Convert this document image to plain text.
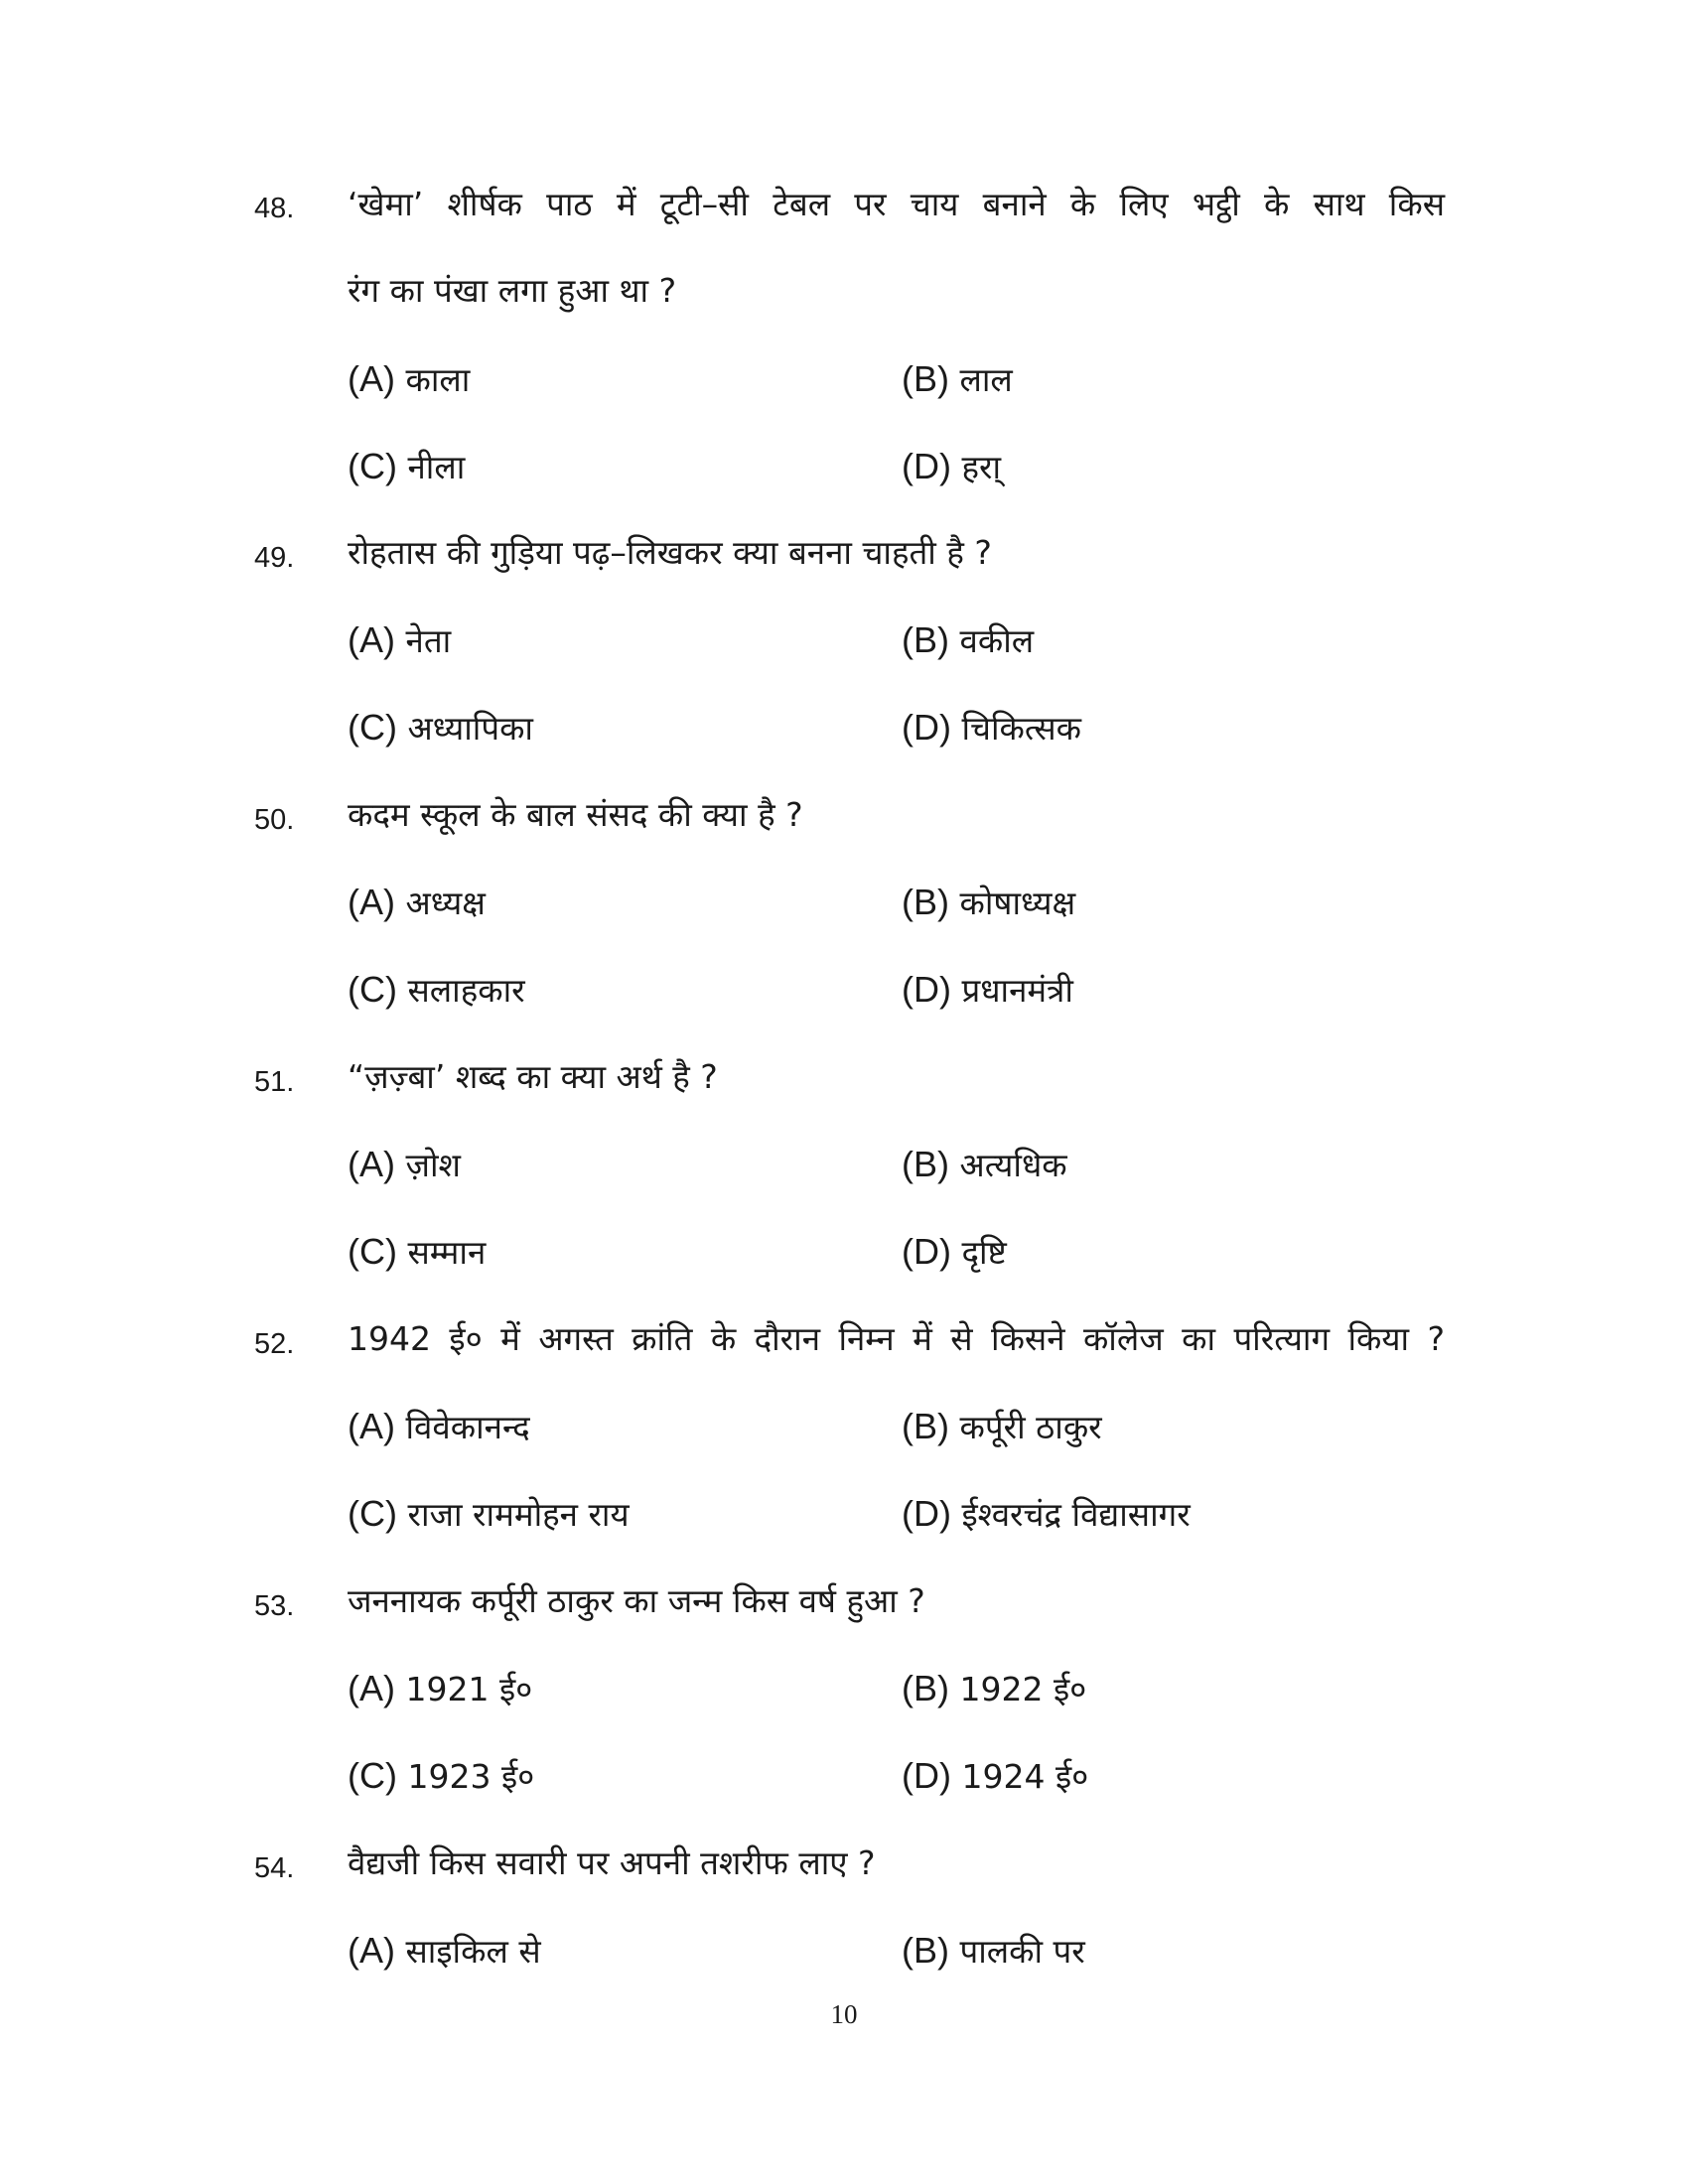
48. ‘खेमा’ शीर्षक पाठ में टूटी–सी टेबल पर चाय बनाने के लिए भट्ठी के साथ किस
रंग का पंखा लगा हुआ था ?
(A) काला	(B) लाल
(C) नीला	(D) हरा्
49. रोहतास की गुड़िया पढ़–लिखकर क्या बनना चाहती है ?
(A) नेता	(B) वकील
(C) अध्यापिका	(D) चिकित्सक
50. कदम स्कूल के बाल संसद की क्या है ?
(A) अध्यक्ष	(B) कोषाध्यक्ष
(C) सलाहकार	(D) प्रधानमंत्री
51. “ज़ज़्बा’ शब्द का क्या अर्थ है ?
(A) ज़ोश	(B) अत्यधिक
(C) सम्मान	(D) दृष्टि
52. 1942 ई० में अगस्त क्रांति के दौरान निम्न में से किसने कॉलेज का परित्याग किया ?
(A) विवेकानन्द	(B) कर्पूरी ठाकुर
(C) राजा राममोहन राय	(D) ईश्वरचंद्र विद्यासागर
53. जननायक कर्पूरी ठाकुर का जन्म किस वर्ष हुआ ?
(A) 1921 ई०	(B) 1922 ई०
(C) 1923 ई०	(D) 1924 ई०
54. वैद्यजी किस सवारी पर अपनी तशरीफ लाए ?
(A) साइकिल से	(B) पालकी पर
10
